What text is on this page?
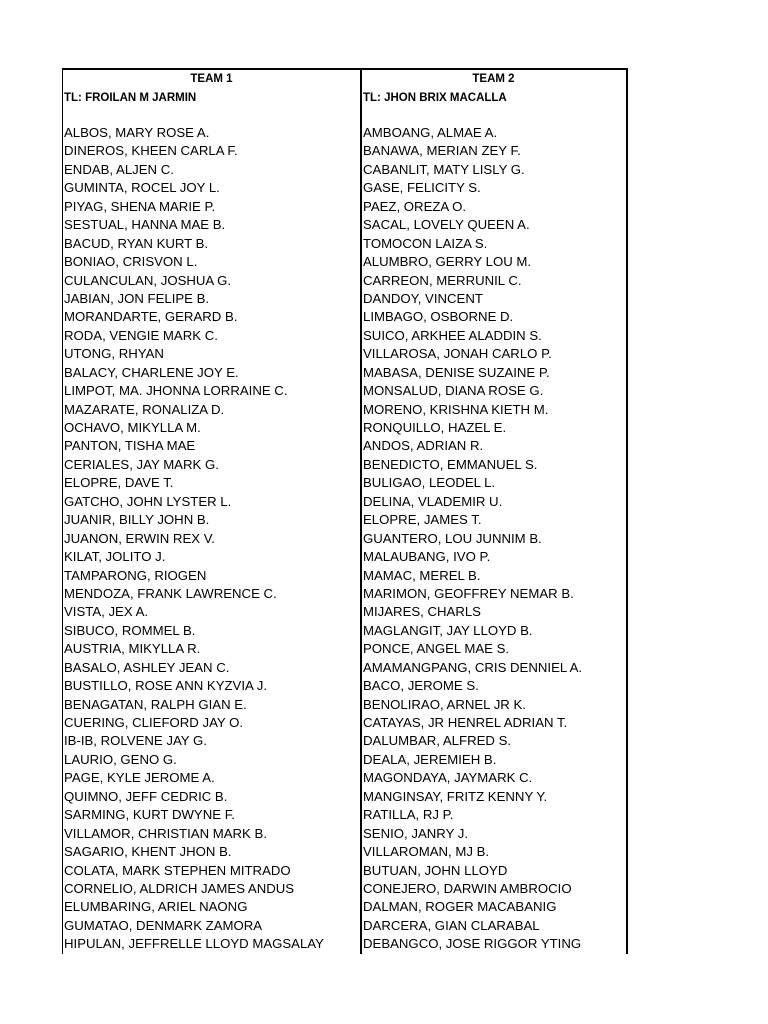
TEAM 1
TL: FROILAN M JARMIN
ALBOS, MARY ROSE A.
DINEROS, KHEEN CARLA F.
ENDAB, ALJEN C.
GUMINTA, ROCEL JOY L.
PIYAG, SHENA MARIE P.
SESTUAL, HANNA MAE B.
BACUD, RYAN KURT B.
BONIAO, CRISVON L.
CULANCULAN, JOSHUA G.
JABIAN, JON FELIPE B.
MORANDARTE, GERARD B.
RODA, VENGIE MARK C.
UTONG, RHYAN
BALACY, CHARLENE JOY E.
LIMPOT, MA. JHONNA LORRAINE C.
MAZARATE, RONALIZA D.
OCHAVO, MIKYLLA M.
PANTON, TISHA MAE
CERIALES, JAY MARK G.
ELOPRE, DAVE T.
GATCHO, JOHN LYSTER L.
JUANIR, BILLY JOHN B.
JUANON, ERWIN REX V.
KILAT, JOLITO J.
TAMPARONG, RIOGEN
MENDOZA, FRANK LAWRENCE C.
VISTA, JEX A.
SIBUCO, ROMMEL B.
AUSTRIA, MIKYLLA R.
BASALO, ASHLEY JEAN C.
BUSTILLO, ROSE ANN KYZVIA J.
BENAGATAN, RALPH GIAN E.
CUERING, CLIEFORD JAY O.
IB-IB, ROLVENE JAY G.
LAURIO, GENO G.
PAGE, KYLE JEROME A.
QUIMNO, JEFF CEDRIC B.
SARMING, KURT DWYNE F.
VILLAMOR, CHRISTIAN MARK B.
SAGARIO, KHENT JHON B.
COLATA, MARK STEPHEN MITRADO
CORNELIO, ALDRICH JAMES ANDUS
ELUMBARING, ARIEL NAONG
GUMATAO, DENMARK ZAMORA
HIPULAN, JEFFRELLE LLOYD MAGSALAY
TEAM 2
TL: JHON BRIX MACALLA
AMBOANG, ALMAE A.
BANAWA, MERIAN ZEY F.
CABANLIT, MATY LISLY G.
GASE, FELICITY S.
PAEZ, OREZA O.
SACAL, LOVELY QUEEN A.
TOMOCON LAIZA S.
ALUMBRO, GERRY LOU M.
CARREON, MERRUNIL C.
DANDOY, VINCENT
LIMBAGO, OSBORNE D.
SUICO, ARKHEE ALADDIN S.
VILLAROSA, JONAH CARLO P.
MABASA, DENISE SUZAINE P.
MONSALUD, DIANA ROSE G.
MORENO, KRISHNA KIETH M.
RONQUILLO, HAZEL E.
ANDOS, ADRIAN R.
BENEDICTO, EMMANUEL S.
BULIGAO, LEODEL L.
DELINA, VLADEMIR U.
ELOPRE, JAMES T.
GUANTERO, LOU JUNNIM B.
MALAUBANG, IVO P.
MAMAC, MEREL B.
MARIMON, GEOFFREY NEMAR B.
MIJARES, CHARLS
MAGLANGIT, JAY LLOYD B.
PONCE, ANGEL MAE S.
AMAMANGPANG, CRIS DENNIEL A.
BACO, JEROME S.
BENOLIRAO, ARNEL JR K.
CATAYAS, JR HENREL ADRIAN T.
DALUMBAR, ALFRED S.
DEALA, JEREMIEH B.
MAGONDAYA, JAYMARK C.
MANGINSAY, FRITZ KENNY Y.
RATILLA, RJ P.
SENIO, JANRY J.
VILLAROMAN, MJ B.
BUTUAN, JOHN LLOYD
CONEJERO, DARWIN AMBROCIO
DALMAN, ROGER MACABANIG
DARCERA, GIAN CLARABAL
DEBANGCO, JOSE RIGGOR YTING
